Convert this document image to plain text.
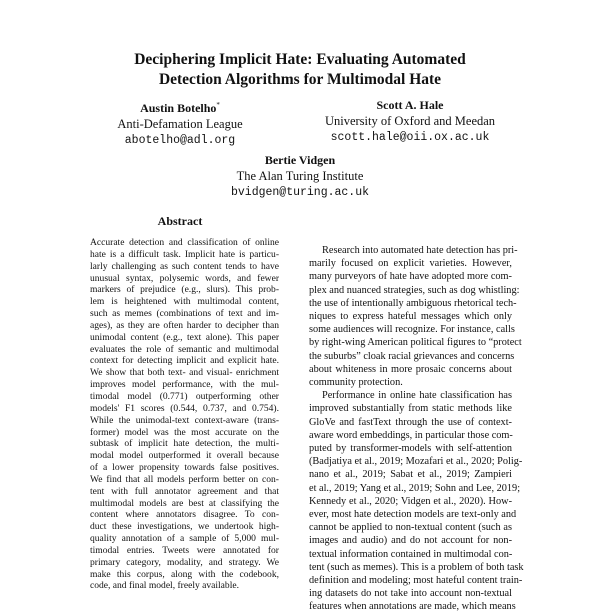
Deciphering Implicit Hate: Evaluating Automated
Detection Algorithms for Multimodal Hate
Austin Botelho*
Anti-Defamation League
abotelho@adl.org
Scott A. Hale
University of Oxford and Meedan
scott.hale@oii.ox.ac.uk
Bertie Vidgen
The Alan Turing Institute
bvidgen@turing.ac.uk
Abstract
Accurate detection and classification of online
hate is a difficult task. Implicit hate is particu-
larly challenging as such content tends to have
unusual syntax, polysemic words, and fewer
markers of prejudice (e.g., slurs). This prob-
lem is heightened with multimodal content,
such as memes (combinations of text and im-
ages), as they are often harder to decipher than
unimodal content (e.g., text alone). This paper
evaluates the role of semantic and multimodal
context for detecting implicit and explicit hate.
We show that both text- and visual- enrichment
improves model performance, with the mul-
timodal model (0.771) outperforming other
models' F1 scores (0.544, 0.737, and 0.754).
While the unimodal-text context-aware (trans-
former) model was the most accurate on the
subtask of implicit hate detection, the multi-
modal model outperformed it overall because
of a lower propensity towards false positives.
We find that all models perform better on con-
tent with full annotator agreement and that
multimodal models are best at classifying the
content where annotators disagree. To con-
duct these investigations, we undertook high-
quality annotation of a sample of 5,000 mul-
timodal entries. Tweets were annotated for
primary category, modality, and strategy. We
make this corpus, along with the codebook,
code, and final model, freely available.
Research into automated hate detection has pri-
marily focused on explicit varieties. However,
many purveyors of hate have adopted more com-
plex and nuanced strategies, such as dog whistling:
the use of intentionally ambiguous rhetorical tech-
niques to express hateful messages which only
some audiences will recognize. For instance, calls
by right-wing American political figures to “protect
the suburbs” cloak racial grievances and concerns
about whiteness in more prosaic concerns about
community protection.
Performance in online hate classification has
improved substantially from static methods like
GloVe and fastText through the use of context-
aware word embeddings, in particular those com-
puted by transformer-models with self-attention
(Badjatiya et al., 2019; Mozafari et al., 2020; Polig-
nano et al., 2019; Sabat et al., 2019; Zampieri
et al., 2019; Yang et al., 2019; Sohn and Lee, 2019;
Kennedy et al., 2020; Vidgen et al., 2020). How-
ever, most hate detection models are text-only and
cannot be applied to non-textual content (such as
images and audio) and do not account for non-
textual information contained in multimodal con-
tent (such as memes). This is a problem of both task
definition and modeling; most hateful content train-
ing datasets do not take into account non-textual
features when annotations are made, which means
